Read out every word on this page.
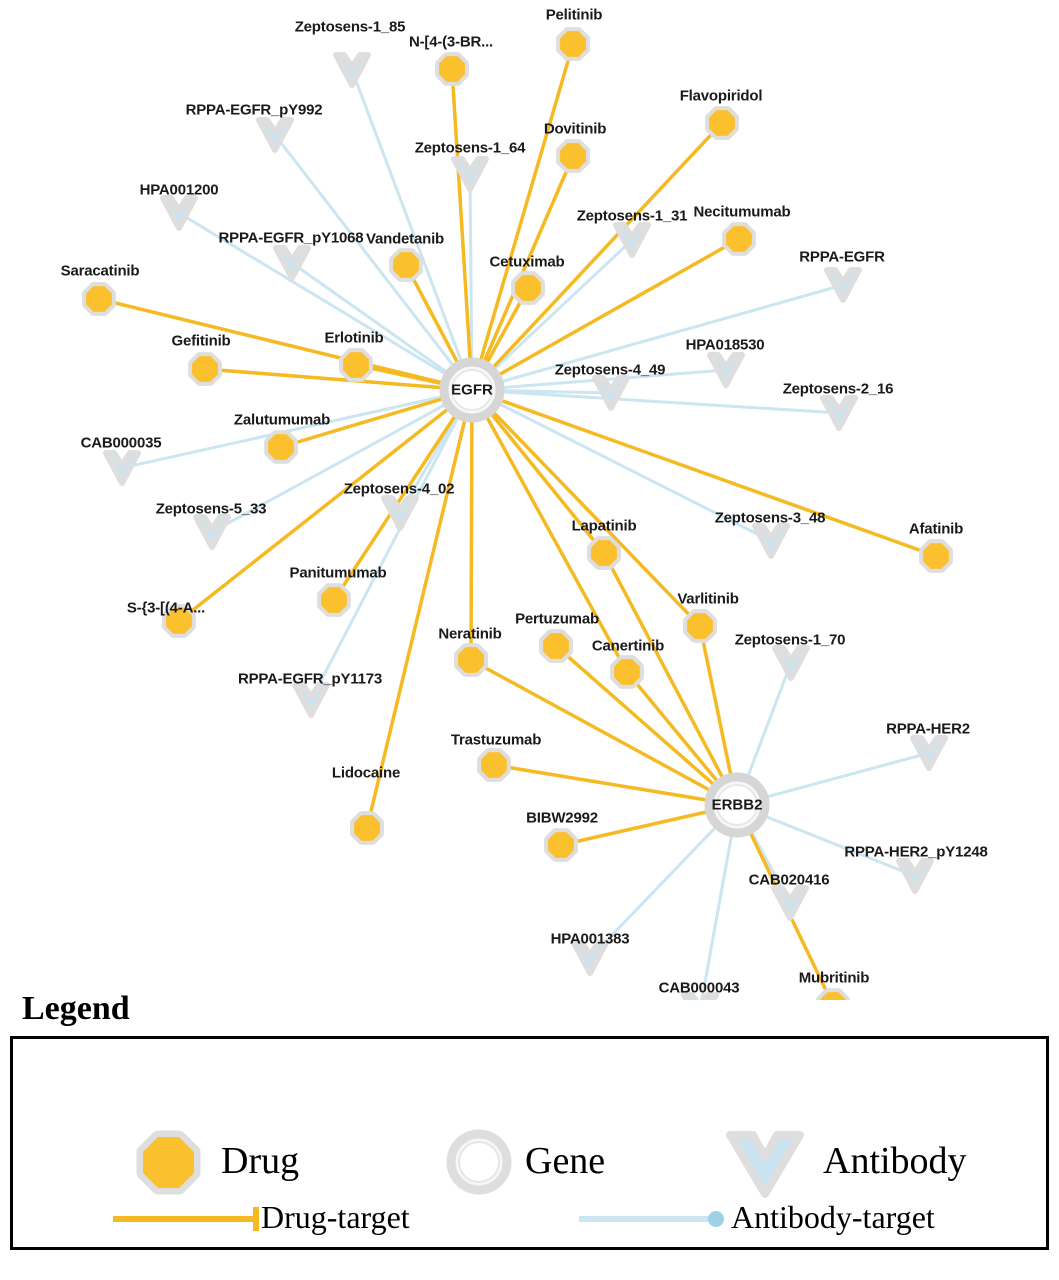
Pelitinib
N-[4-(3-BR...
Flavopiridol
Dovitinib
Necitumumab
Vandetanib
Cetuximab
Saracatinib
Gefitinib	Erlotinib
Zalutumumab
Afatinib
Lapatinib
Varlitinib
Panitumumab
S-{3-[(4-A...
Pertuzumab
Neratinib
Canertinib
Trastuzumab
Lidocaine
BIBW2992
Mubritinib
Zeptosens-1_85
RPPA-EGFR_pY992
Zeptosens-1_64
HPA001200
Zeptosens-1_31
RPPA-EGFR_pY1068
RPPA-EGFR
HPA018530
Zeptosens-4_49
Zeptosens-2_16
CAB000035
Zeptosens-4_02
Zeptosens-5_33
Zeptosens-3_48
RPPA-EGFR_pY1173
Zeptosens-1_70
RPPA-HER2
RPPA-HER2_pY1248
CAB020416
HPA001383
CAB000043
EGFR
ERBB2
Legend
Drug	Gene	Antibody
Drug-target	Antibody-target
